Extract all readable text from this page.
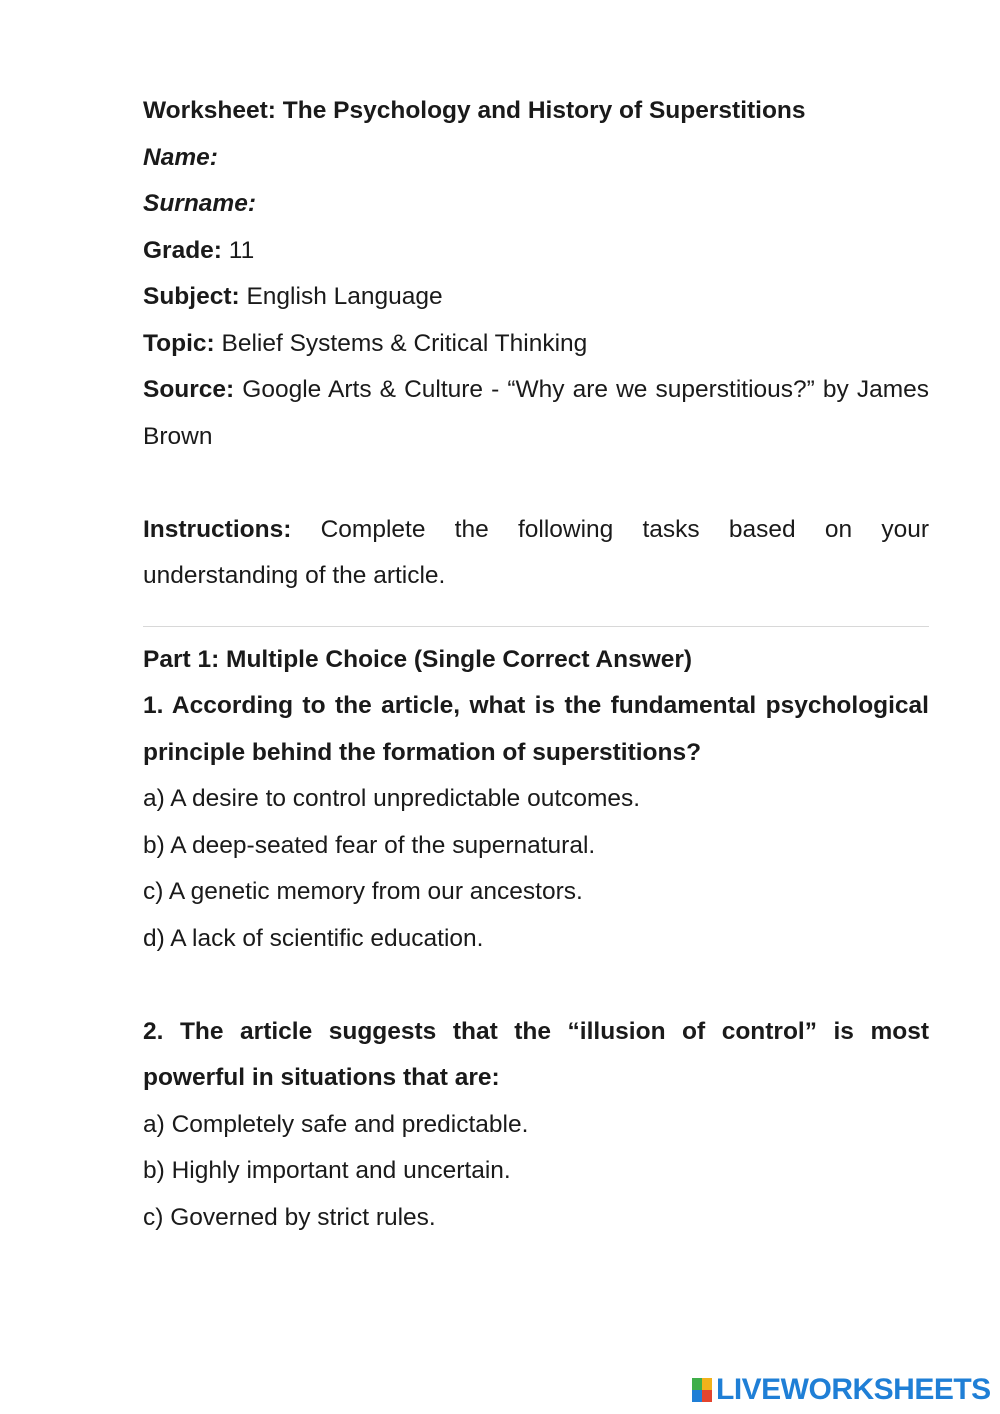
Worksheet: The Psychology and History of Superstitions

Name:

Surname:

Grade: 11

Subject: English Language

Topic: Belief Systems & Critical Thinking

Source: Google Arts & Culture - “Why are we superstitious?” by James Brown

Instructions: Complete the following tasks based on your understanding of the article.

Part 1: Multiple Choice (Single Correct Answer)

1. According to the article, what is the fundamental psychological principle behind the formation of superstitions?

a) A desire to control unpredictable outcomes.

b) A deep-seated fear of the supernatural.

c) A genetic memory from our ancestors.

d) A lack of scientific education.

2. The article suggests that the “illusion of control” is most powerful in situations that are:

a) Completely safe and predictable.

b) Highly important and uncertain.

c) Governed by strict rules.

LIVEWORKSHEETS
